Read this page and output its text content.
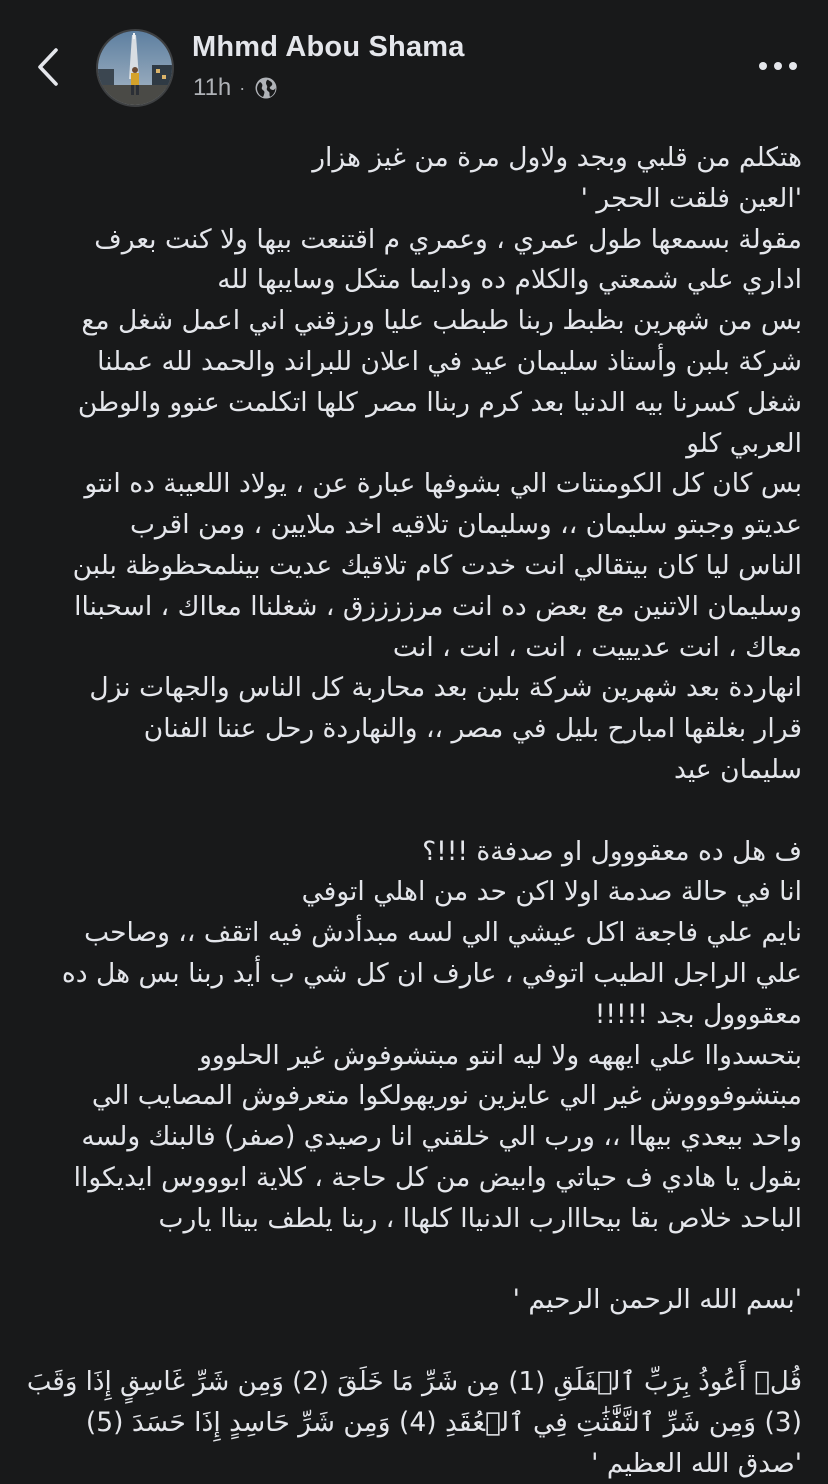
Mhmd Abou Shama
11h ·
هتكلم من قلبي وبجد ولاول مرة من غيز هزار
'العين فلقت الحجر '
مقولة بسمعها طول عمري ، وعمري م اقتنعت بيها ولا كنت بعرف
اداري علي شمعتي والكلام ده ودايما متكل وسايبها لله
بس من شهرين بظبط ربنا طبطب عليا ورزقني اني اعمل شغل مع
شركة بلبن وأستاذ سليمان عيد في اعلان للبراند والحمد لله عملنا
شغل كسرنا بيه الدنيا بعد كرم ربناا مصر كلها اتكلمت عنوو والوطن
العربي كلو
بس كان كل الكومنتات الي بشوفها عبارة عن ، يولاد اللعيبة ده انتو
عديتو وجبتو سليمان ،، وسليمان تلاقيه اخد ملايين ، ومن اقرب
الناس ليا كان بيتقالي انت خدت كام تلاقيك عديت بينلمحظوظة بلبن
وسليمان الاتنين مع بعض ده انت مرززززق ، شغلناا معااك ، اسحبناا
معاك ، انت عديييت ، انت ، انت ، انت
انهاردة بعد شهرين شركة بلبن بعد محاربة كل الناس والجهات نزل
قرار بغلقها امبارح بليل في مصر ،، والنهاردة رحل عننا الفنان
سليمان عيد
ف هل ده معقووول او صدفةة !!!؟
انا في حالة صدمة اولا اكن حد من اهلي اتوفي
نايم علي فاجعة اكل عيشي الي لسه مبدأدش فيه اتقف ،، وصاحب
علي الراجل الطيب اتوفي ، عارف ان كل شي ب أيد ربنا بس هل ده
معقووول بجد !!!!!
بتحسدواا علي ايههه ولا ليه انتو مبتشوفوش غير الحلووو
مبتشوفوووش غير الي عايزين نوريهولكوا متعرفوش المصايب الي
واحد بيعدي بيهاا ،، ورب الي خلقني انا رصيدي (صفر) فالبنك ولسه
بقول يا هادي ف حياتي وابيض من كل حاجة ، كلاية ابوووس ايديكواا
الباحد خلاص بقا بيحااارب الدنياا كلهاا ، ربنا يلطف بيناا يارب
'بسم الله الرحمن الرحيم '
قُلۡ أَعُوذُ بِرَبِّ ٱلۡفَلَقِ (1) مِن شَرِّ مَا خَلَقَ (2) وَمِن شَرِّ غَاسِقٍ إِذَا وَقَبَ
(3) وَمِن شَرِّ ٱلنَّفَّٰثَٰتِ فِي ٱلۡعُقَدِ (4) وَمِن شَرِّ حَاسِدٍ إِذَا حَسَدَ (5)
'صدق الله العظيم '
